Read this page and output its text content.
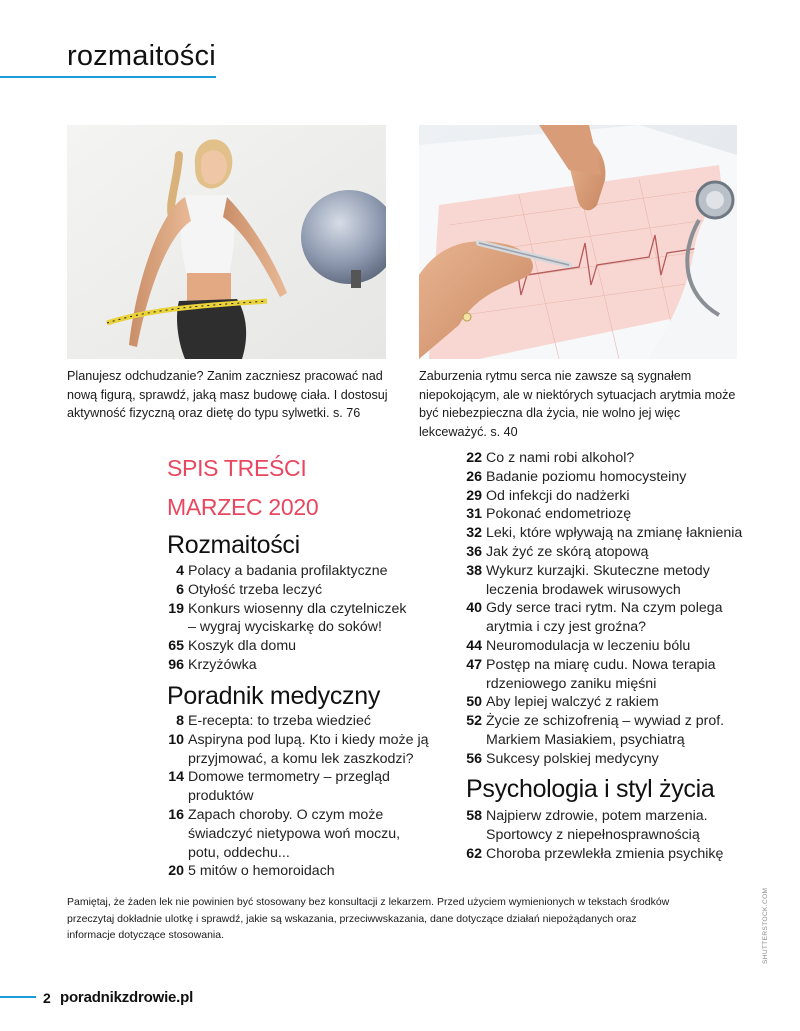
rozmaitości
Planujesz odchudzanie? Zanim zaczniesz pracować nad nową figurą, sprawdź, jaką masz budowę ciała. I dostosuj aktywność fizyczną oraz dietę do typu sylwetki. s. 76
Zaburzenia rytmu serca nie zawsze są sygnałem niepokojącym, ale w niektórych sytuacjach arytmia może być niebezpieczna dla życia, nie wolno jej więc lekceważyć. s. 40
SPIS TREŚCI
MARZEC 2020
Rozmaitości
4 Polacy a badania profilaktyczne
6 Otyłość trzeba leczyć
19 Konkurs wiosenny dla czytelniczek – wygraj wyciskarkę do soków!
65 Koszyk dla domu
96 Krzyżówka
Poradnik medyczny
8 E-recepta: to trzeba wiedzieć
10 Aspiryna pod lupą. Kto i kiedy może ją przyjmować, a komu lek zaszkodzi?
14 Domowe termometry – przegląd produktów
16 Zapach choroby. O czym może świadczyć nietypowa woń moczu, potu, oddechu...
20 5 mitów o hemoroidach
22 Co z nami robi alkohol?
26 Badanie poziomu homocysteiny
29 Od infekcji do nadżerki
31 Pokonać endometriozę
32 Leki, które wpływają na zmianę łaknienia
36 Jak żyć ze skórą atopową
38 Wykurz kurzajki. Skuteczne metody leczenia brodawek wirusowych
40 Gdy serce traci rytm. Na czym polega arytmia i czy jest groźna?
44 Neuromodulacja w leczeniu bólu
47 Postęp na miarę cudu. Nowa terapia rdzeniowego zaniku mięśni
50 Aby lepiej walczyć z rakiem
52 Życie ze schizofrenią – wywiad z prof. Markiem Masiakiem, psychiatrą
56 Sukcesy polskiej medycyny
Psychologia i styl życia
58 Najpierw zdrowie, potem marzenia. Sportowcy z niepełnosprawnością
62 Choroba przewlekła zmienia psychikę
Pamiętaj, że żaden lek nie powinien być stosowany bez konsultacji z lekarzem. Przed użyciem wymienionych w tekstach środków przeczytaj dokładnie ulotkę i sprawdź, jakie są wskazania, przeciwwskazania, dane dotyczące działań niepożądanych oraz informacje dotyczące stosowania.	SHUTTERSTOCK.COM
2 poradnikzdrowie.pl
